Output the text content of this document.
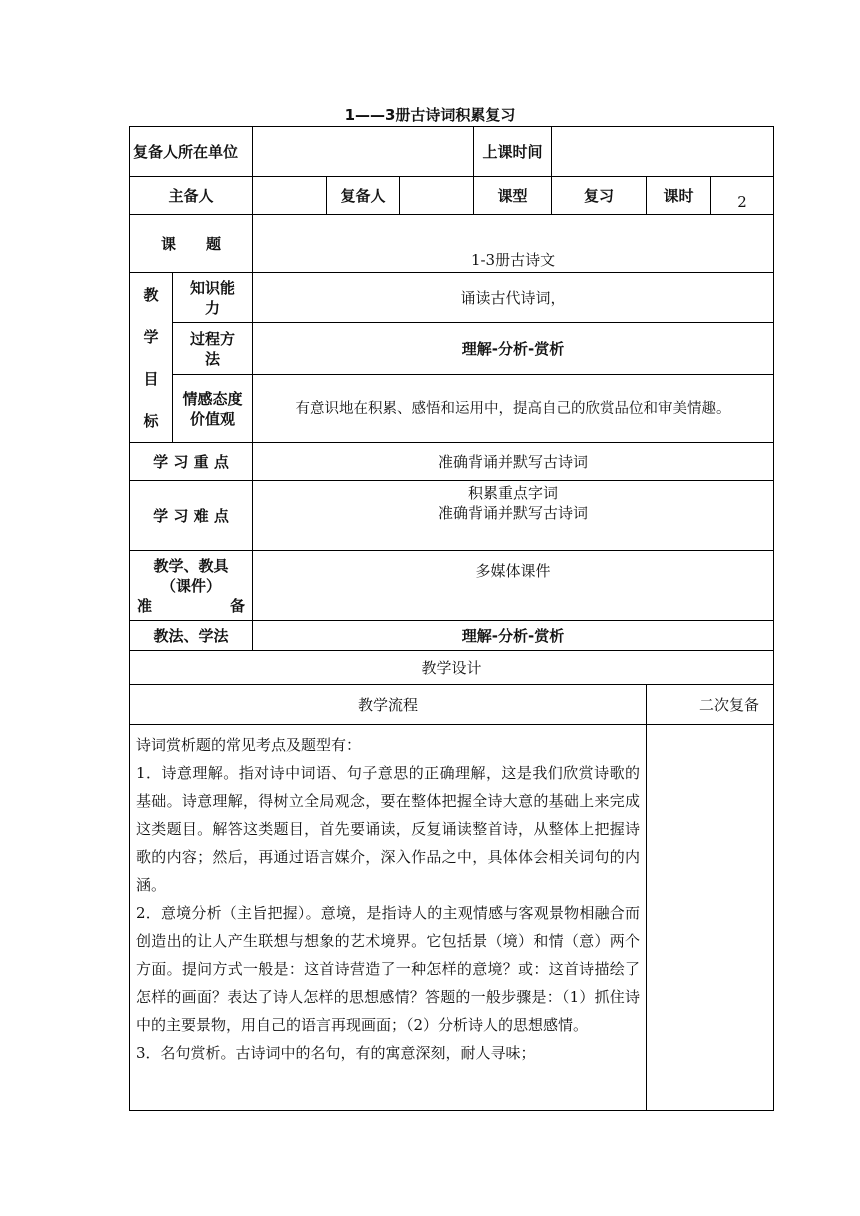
1——3册古诗词积累复习
复备人所在单位					上课时间			
主备人			复备人		课型	复习	课时	2
课　　题		1-3册古诗文						

教
学
目
标	知识能力	诵读古代诗词，						

	过程方法	理解-分析-赏析						

	情感态度
价值观	有意识地在积累、感悟和运用中，提高自己的欣赏品位和审美情趣。						
学 习 重 点		准确背诵并默写古诗词						
学 习 难 点		积累重点字词
准确背诵并默写古诗词						

教学、教具
（课件）
准 备		多媒体课件						
教法、学法		理解-分析-赏析						
教学设计								
教学流程							二次复备	

诗词赏析题的常见考点及题型有：

1．诗意理解。指对诗中词语、句子意思的正确理解，这是我们欣赏诗歌的基础。诗意理解，得树立全局观念，要在整体把握全诗大意的基础上来完成这类题目。解答这类题目，首先要诵读，反复诵读整首诗，从整体上把握诗歌的内容；然后，再通过语言媒介，深入作品之中，具体体会相关词句的内涵。

2．意境分析（主旨把握）。意境，是指诗人的主观情感与客观景物相融合而创造出的让人产生联想与想象的艺术境界。它包括景（境）和情（意）两个方面。提问方式一般是：这首诗营造了一种怎样的意境？或：这首诗描绘了怎样的画面？表达了诗人怎样的思想感情？答题的一般步骤是：（1）抓住诗中的主要景物，用自己的语言再现画面；（2）分析诗人的思想感情。

3．名句赏析。古诗词中的名句，有的寓意深刻，耐人寻味；								
